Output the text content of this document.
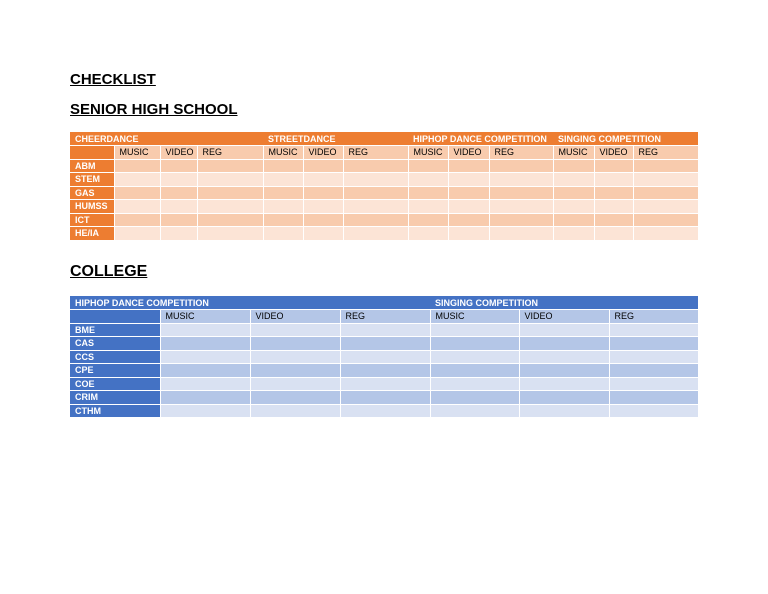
CHECKLIST
SENIOR HIGH SCHOOL
CHEERDANCE				STREETDANCE			HIPHOP DANCE COMPETITION			SINGING COMPETITION		
	MUSIC	VIDEO	REG	MUSIC	VIDEO	REG	MUSIC	VIDEO	REG	MUSIC	VIDEO	REG
ABM												
STEM												
GAS												
HUMSS												
ICT												
HE/IA												
COLLEGE
HIPHOP DANCE COMPETITION				SINGING COMPETITION		
	MUSIC	VIDEO	REG	MUSIC	VIDEO	REG
BME						
CAS						
CCS						
CPE						
COE						
CRIM						
CTHM						
